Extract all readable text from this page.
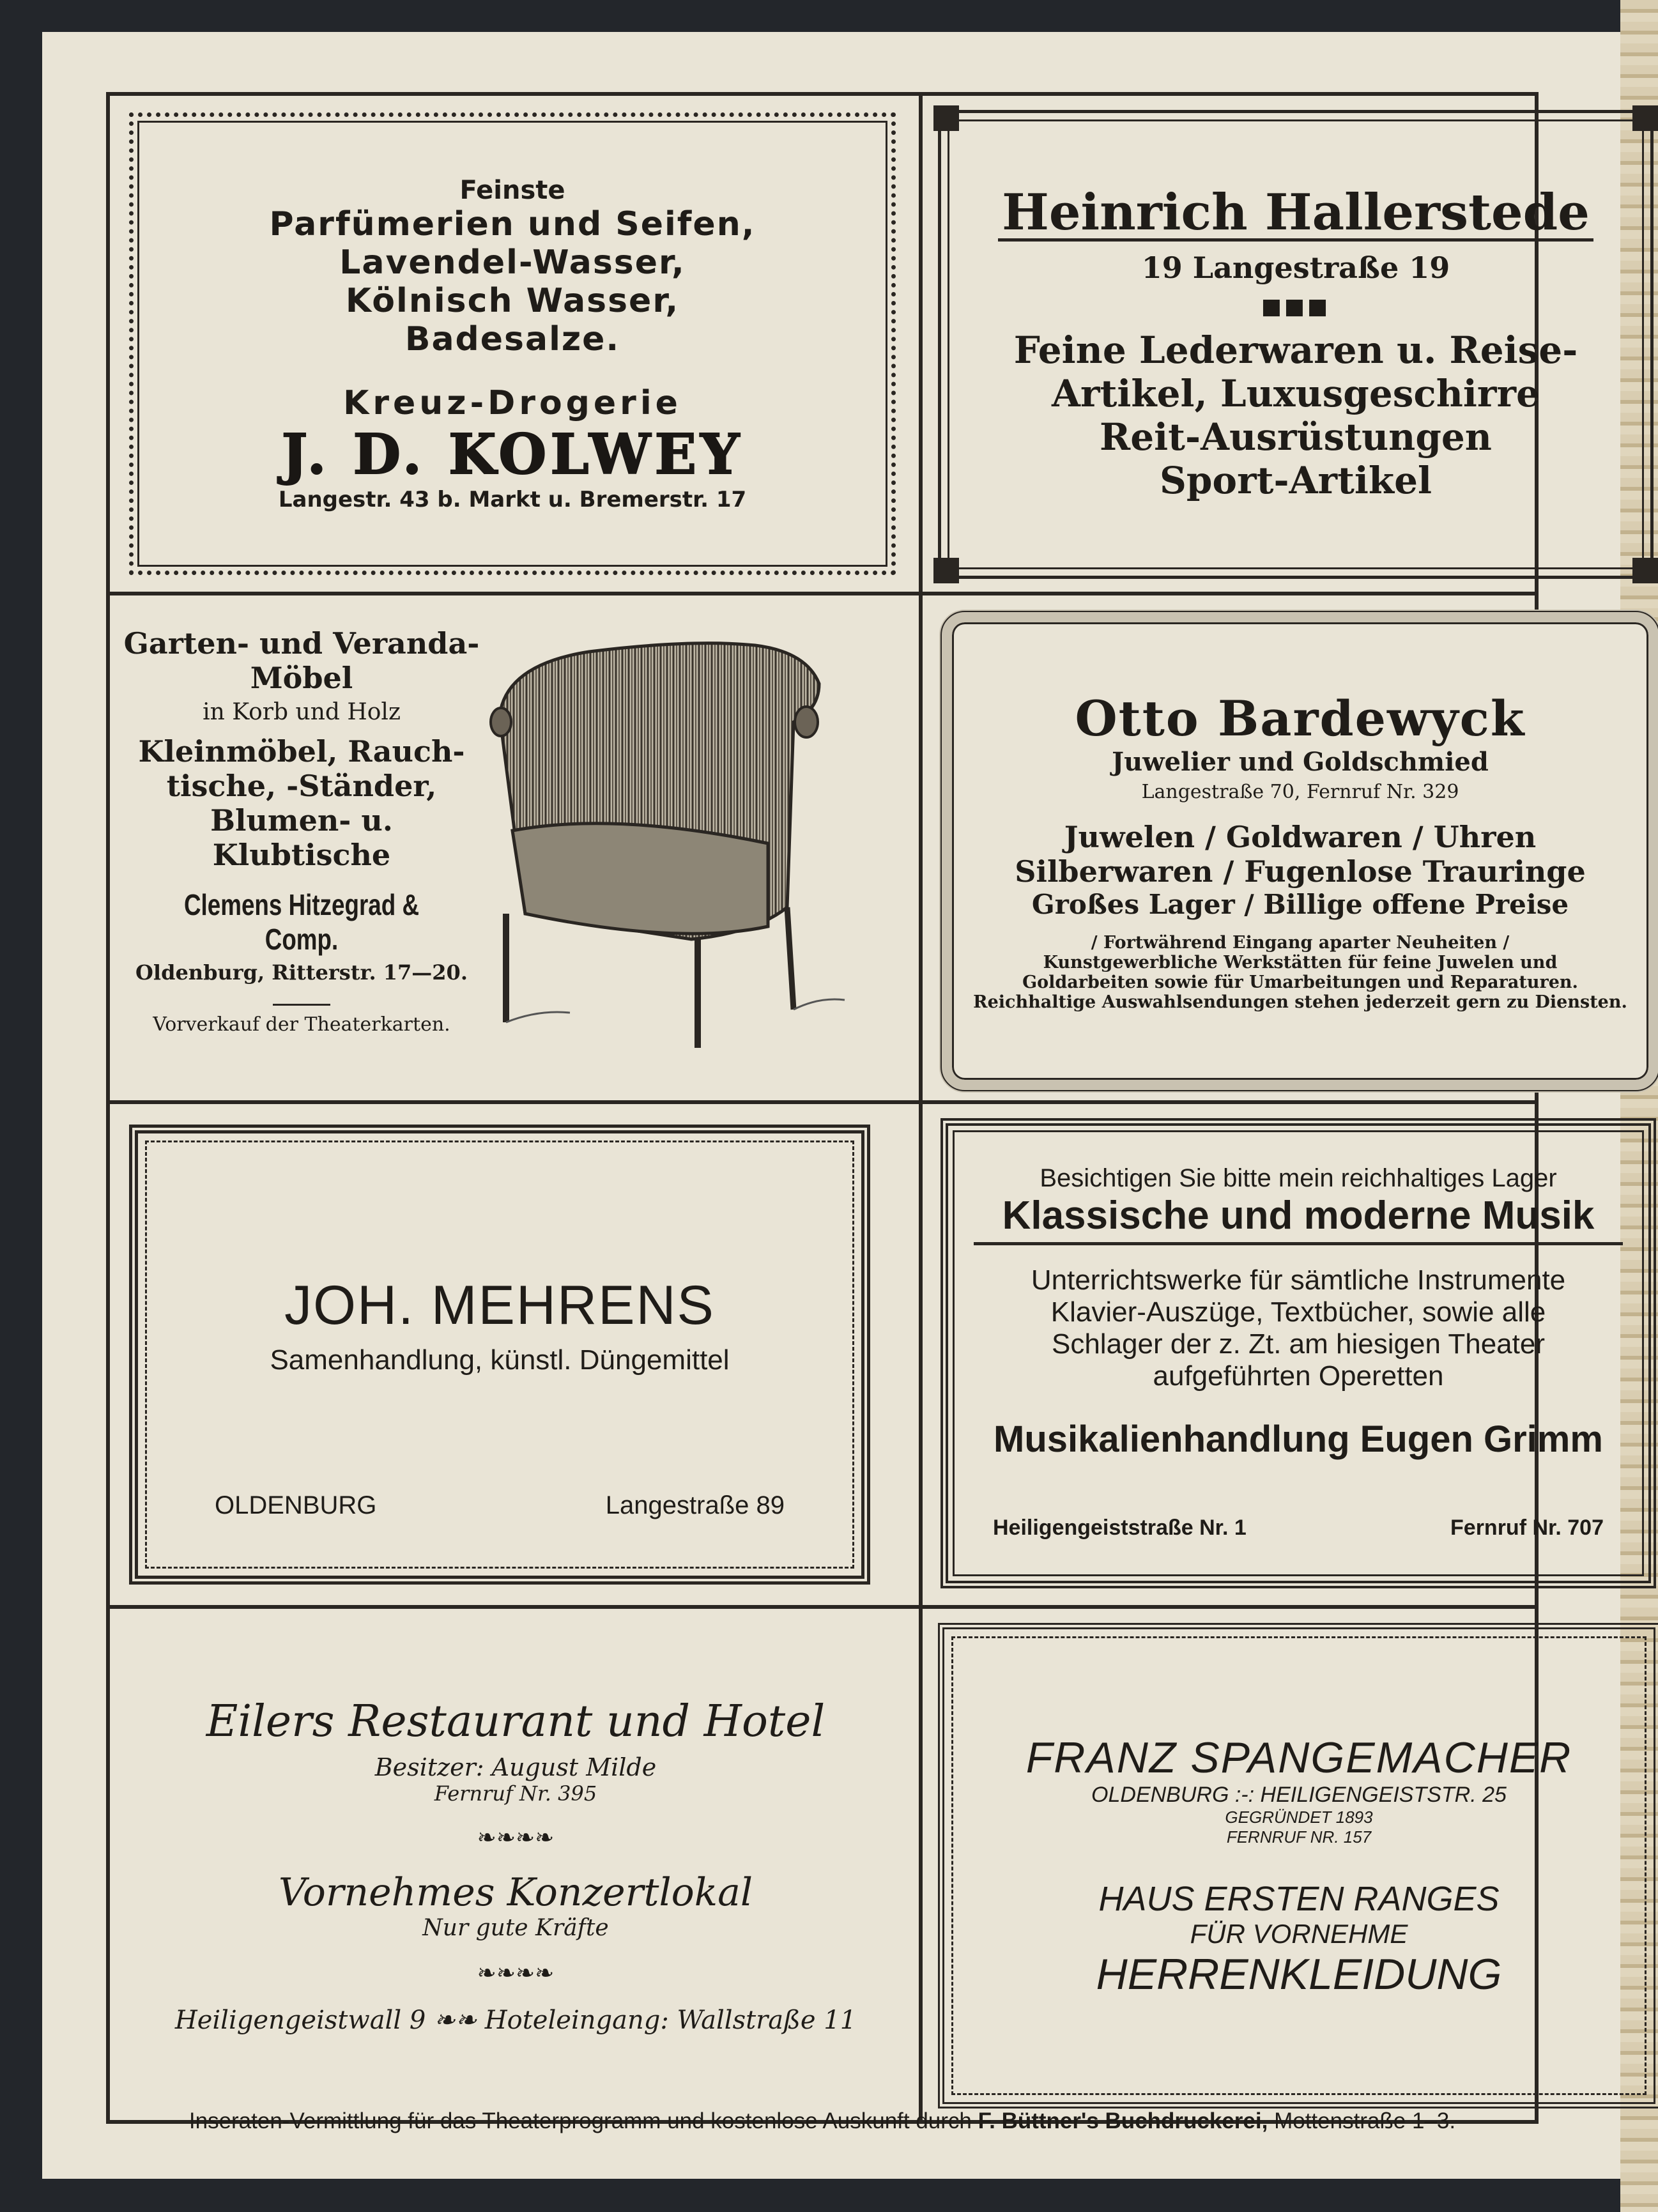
Feinste

Parfümerien und Seifen,

Lavendel-Wasser,

Kölnisch Wasser,

Badesalze.

Kreuz-Drogerie

J. D. KOLWEY

Langestr. 43 b. Markt u. Bremerstr. 17

Heinrich Hallerstede

19 Langestraße 19

■■■

Feine Lederwaren u. Reise-

Artikel, Luxusgeschirre

Reit-Ausrüstungen

Sport-Artikel

Garten- und Veranda-

Möbel

in Korb und Holz

Kleinmöbel, Rauch-

tische, -Ständer,

Blumen- u. Klubtische

Clemens Hitzegrad & Comp.

Oldenburg, Ritterstr. 17—20.

Vorverkauf der Theaterkarten.

Otto Bardewyck

Juwelier und Goldschmied

Langestraße 70, Fernruf Nr. 329

Juwelen / Goldwaren / Uhren

Silberwaren / Fugenlose Trauringe

Großes Lager / Billige offene Preise

/ Fortwährend Eingang aparter Neuheiten /

Kunstgewerbliche Werkstätten für feine Juwelen und

Goldarbeiten sowie für Umarbeitungen und Reparaturen.

Reichhaltige Auswahlsendungen stehen jederzeit gern zu Diensten.

JOH. MEHRENS

Samenhandlung, künstl. Düngemittel

OLDENBURG	Langestraße 89

Besichtigen Sie bitte mein reichhaltiges Lager

Klassische und moderne Musik

Unterrichtswerke für sämtliche Instrumente

Klavier-Auszüge, Textbücher, sowie alle

Schlager der z. Zt. am hiesigen Theater

aufgeführten Operetten

Musikalienhandlung Eugen Grimm

Heiligengeiststraße Nr. 1	Fernruf Nr. 707

Eilers Restaurant und Hotel

Besitzer: August Milde

Fernruf Nr. 395

❧❧❧❧

Vornehmes Konzertlokal

Nur gute Kräfte

❧❧❧❧

Heiligengeistwall 9 ❧❧ Hoteleingang: Wallstraße 11

FRANZ SPANGEMACHER

OLDENBURG :-: HEILIGENGEISTSTR. 25

GEGRÜNDET 1893

FERNRUF NR. 157

HAUS ERSTEN RANGES

FÜR VORNEHME

HERRENKLEIDUNG

Inseraten-Vermittlung für das Theaterprogramm und kostenlose Auskunft durch F. Büttner's Buchdruckerei, Mottenstraße 1–3.
